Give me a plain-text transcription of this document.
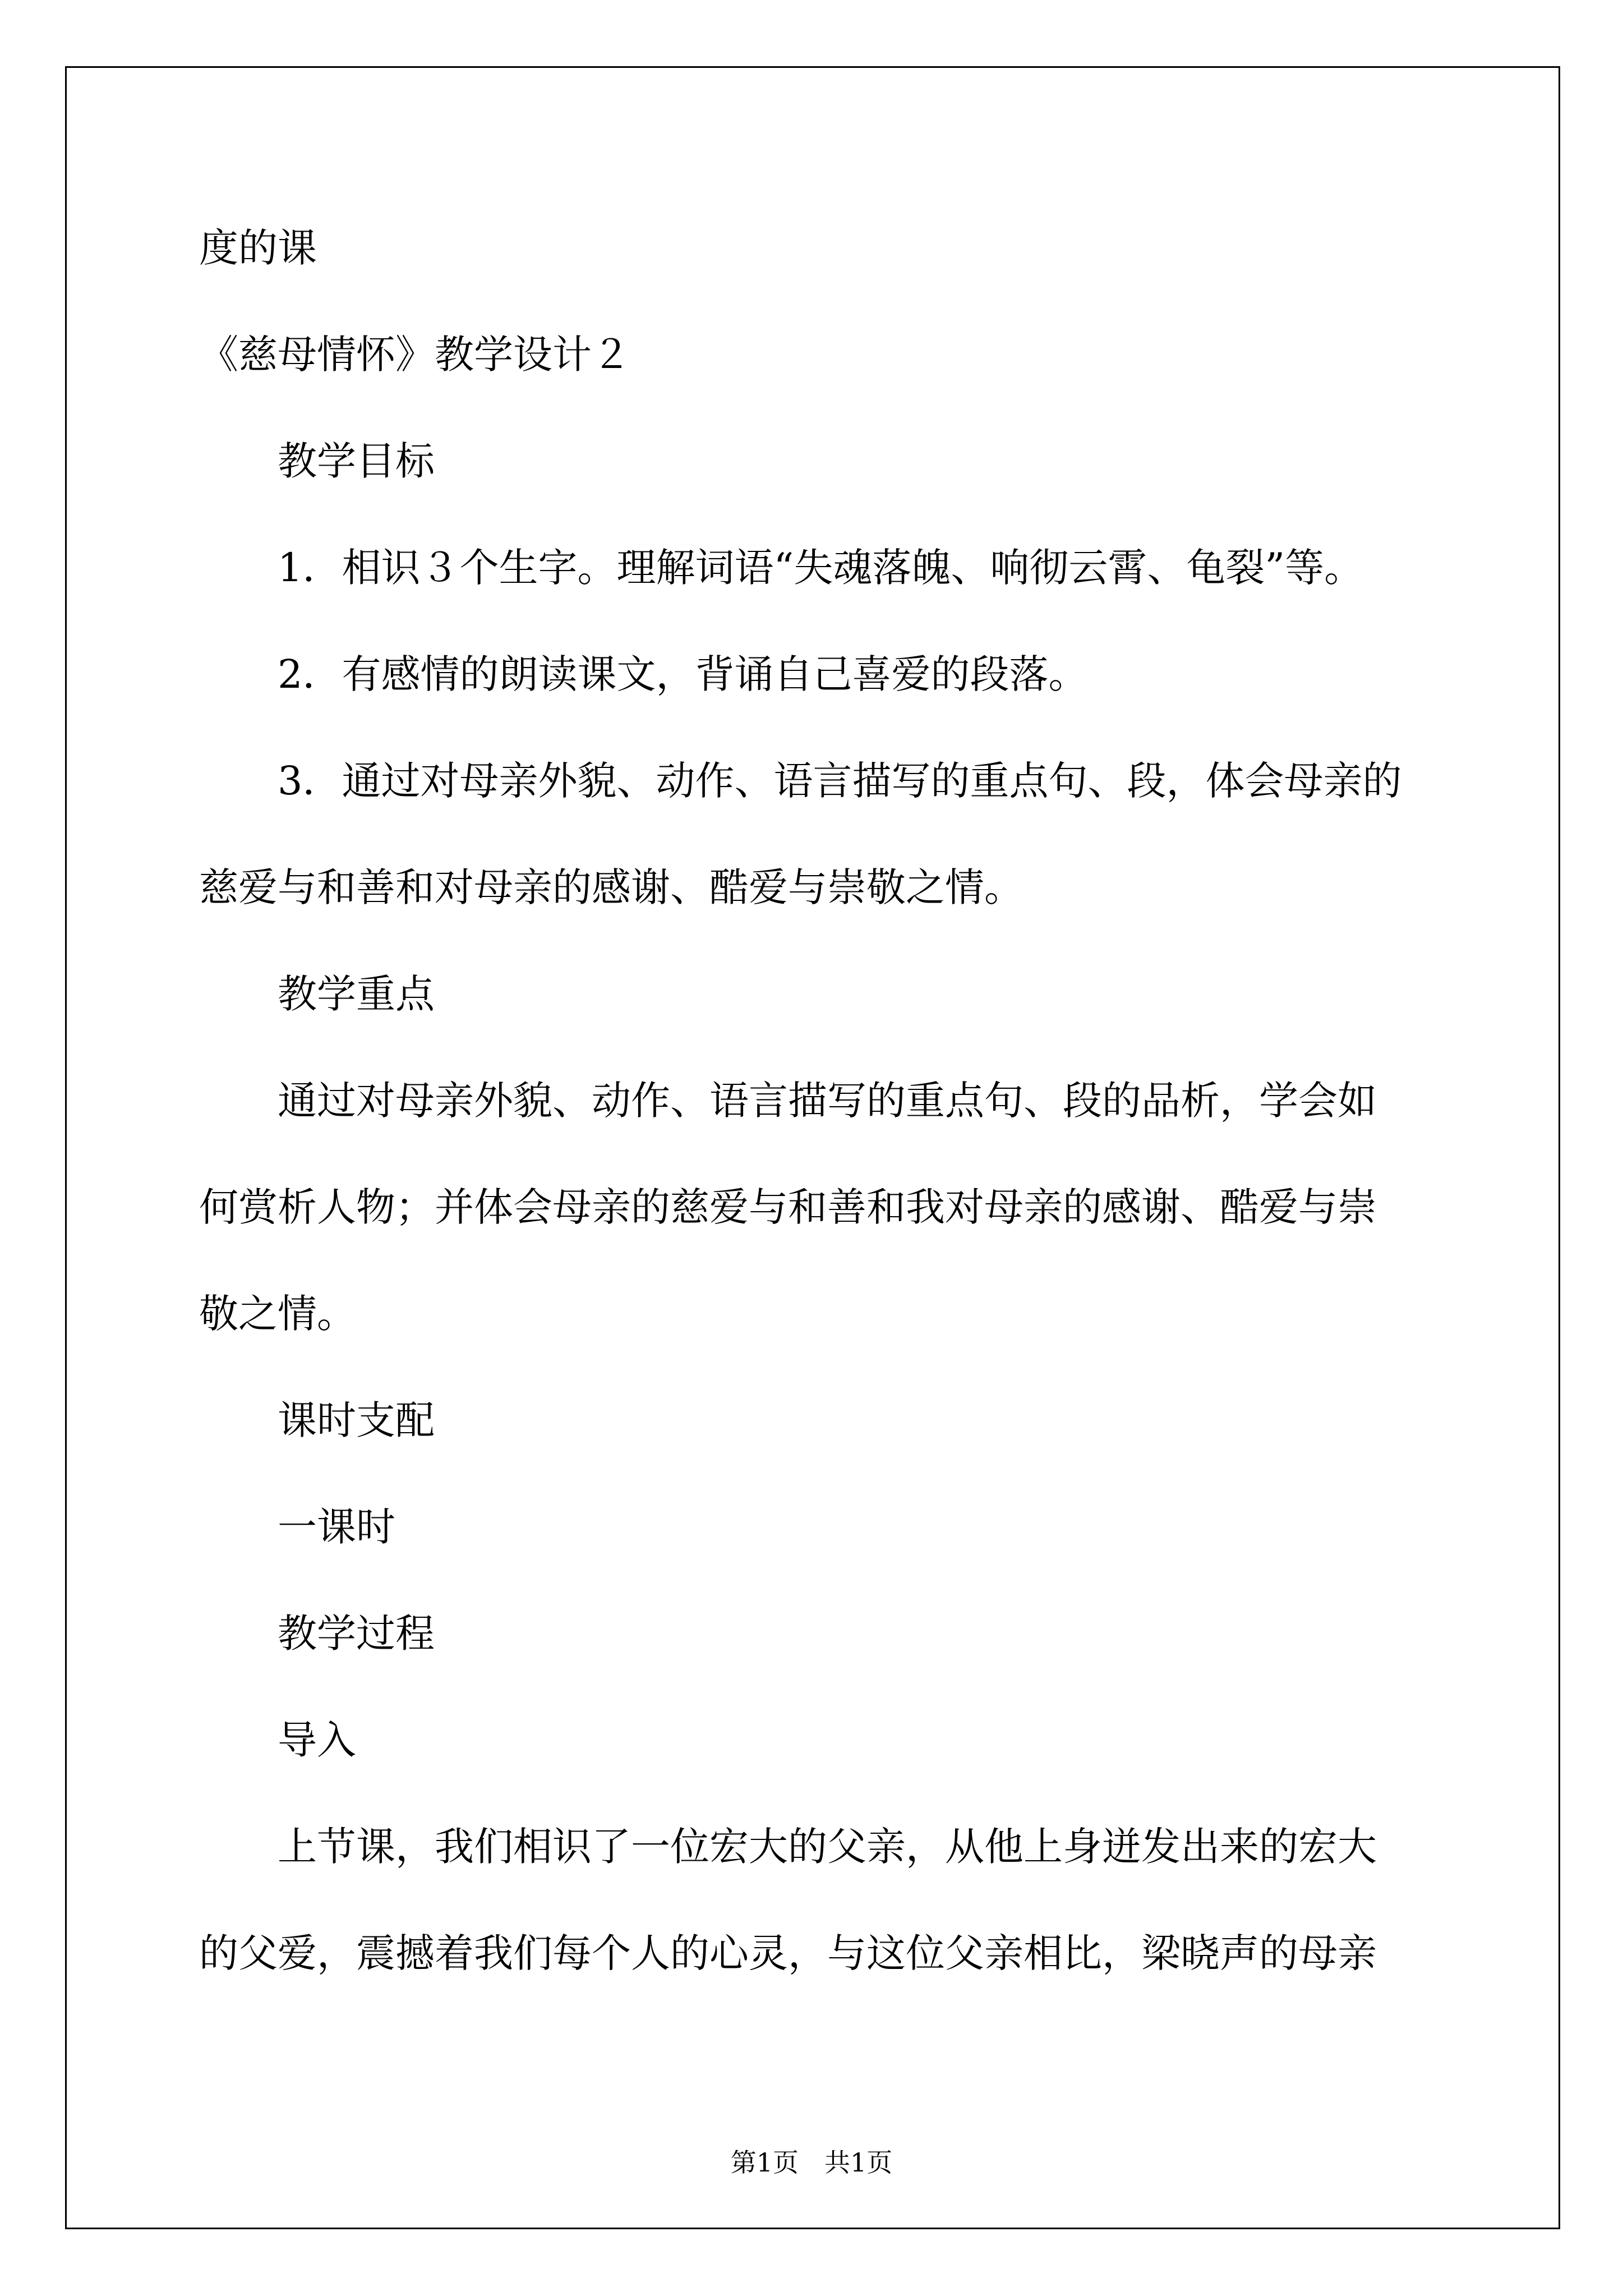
度的课
《慈母情怀》教学设计２
　　教学目标
　　1．相识３个生字。理解词语“失魂落魄、响彻云霄、龟裂”等。
　　2．有感情的朗读课文，背诵自己喜爱的段落。
　　3．通过对母亲外貌、动作、语言描写的重点句、段，体会母亲的
慈爱与和善和对母亲的感谢、酷爱与崇敬之情。
　　教学重点
　　通过对母亲外貌、动作、语言描写的重点句、段的品析，学会如
何赏析人物；并体会母亲的慈爱与和善和我对母亲的感谢、酷爱与崇
敬之情。
　　课时支配
　　一课时
　　教学过程
　　导入
　　上节课，我们相识了一位宏大的父亲，从他上身迸发出来的宏大
的父爱，震撼着我们每个人的心灵，与这位父亲相比，梁晓声的母亲
第1页　共1页
